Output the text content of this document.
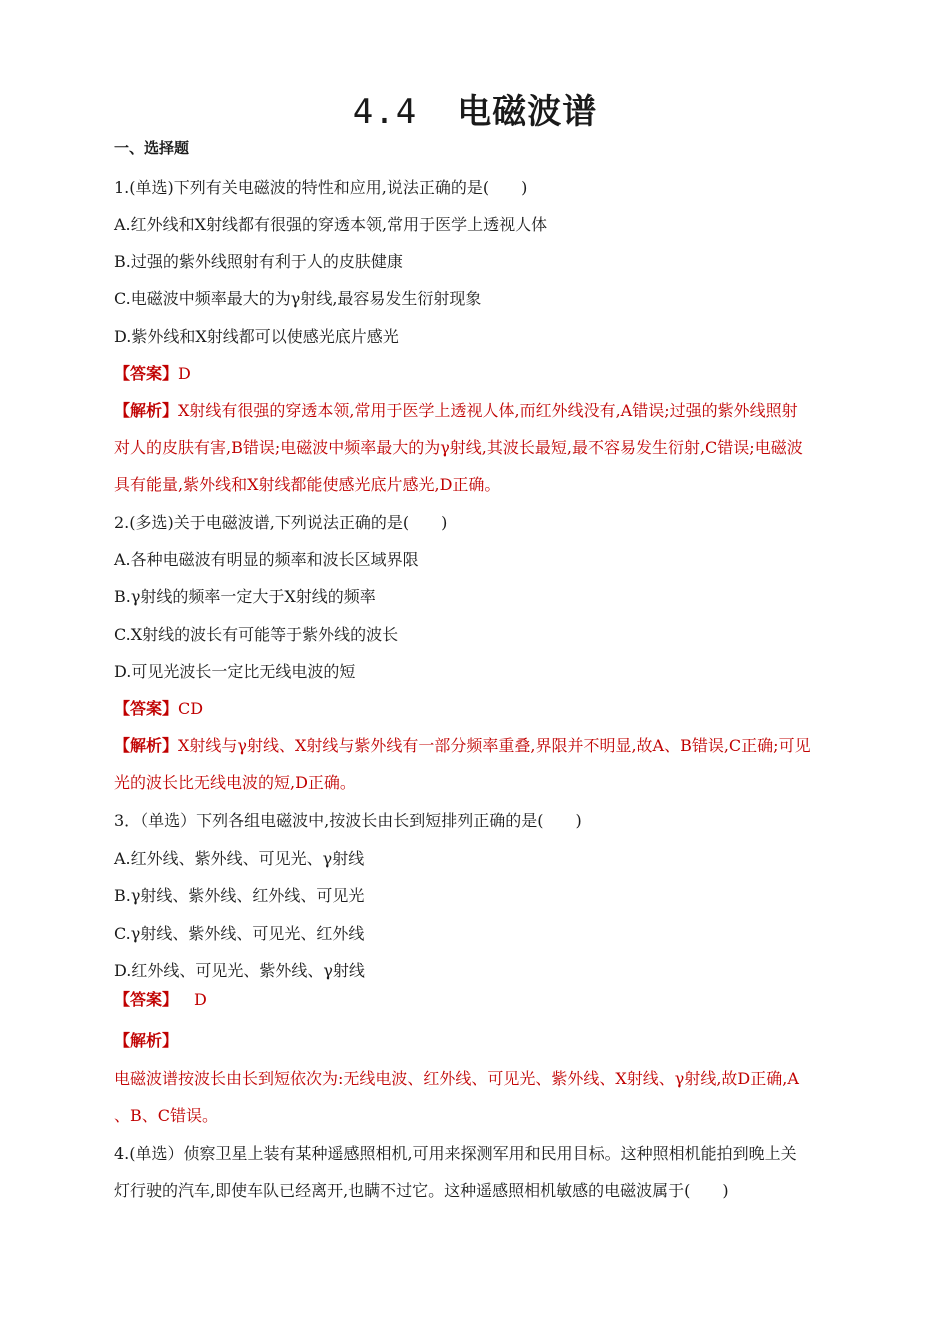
4.4 电磁波谱
一、选择题
1.(单选)下列有关电磁波的特性和应用,说法正确的是(　　)
A.红外线和X射线都有很强的穿透本领,常用于医学上透视人体
B.过强的紫外线照射有利于人的皮肤健康
C.电磁波中频率最大的为γ射线,最容易发生衍射现象
D.紫外线和X射线都可以使感光底片感光
【答案】D
【解析】X射线有很强的穿透本领,常用于医学上透视人体,而红外线没有,A错误;过强的紫外线照射
对人的皮肤有害,B错误;电磁波中频率最大的为γ射线,其波长最短,最不容易发生衍射,C错误;电磁波
具有能量,紫外线和X射线都能使感光底片感光,D正确。
2.(多选)关于电磁波谱,下列说法正确的是(　　)
A.各种电磁波有明显的频率和波长区域界限
B.γ射线的频率一定大于X射线的频率
C.X射线的波长有可能等于紫外线的波长
D.可见光波长一定比无线电波的短
【答案】CD
【解析】X射线与γ射线、X射线与紫外线有一部分频率重叠,界限并不明显,故A、B错误,C正确;可见
光的波长比无线电波的短,D正确。
3．（单选）下列各组电磁波中,按波长由长到短排列正确的是(　　)
A.红外线、紫外线、可见光、γ射线
B.γ射线、紫外线、红外线、可见光
C.γ射线、紫外线、可见光、红外线
D.红外线、可见光、紫外线、γ射线
【答案】 D
【解析】
电磁波谱按波长由长到短依次为:无线电波、红外线、可见光、紫外线、X射线、γ射线,故D正确,A
、B、C错误。
4.(单选）侦察卫星上装有某种遥感照相机,可用来探测军用和民用目标。这种照相机能拍到晚上关
灯行驶的汽车,即使车队已经离开,也瞒不过它。这种遥感照相机敏感的电磁波属于(　　)
